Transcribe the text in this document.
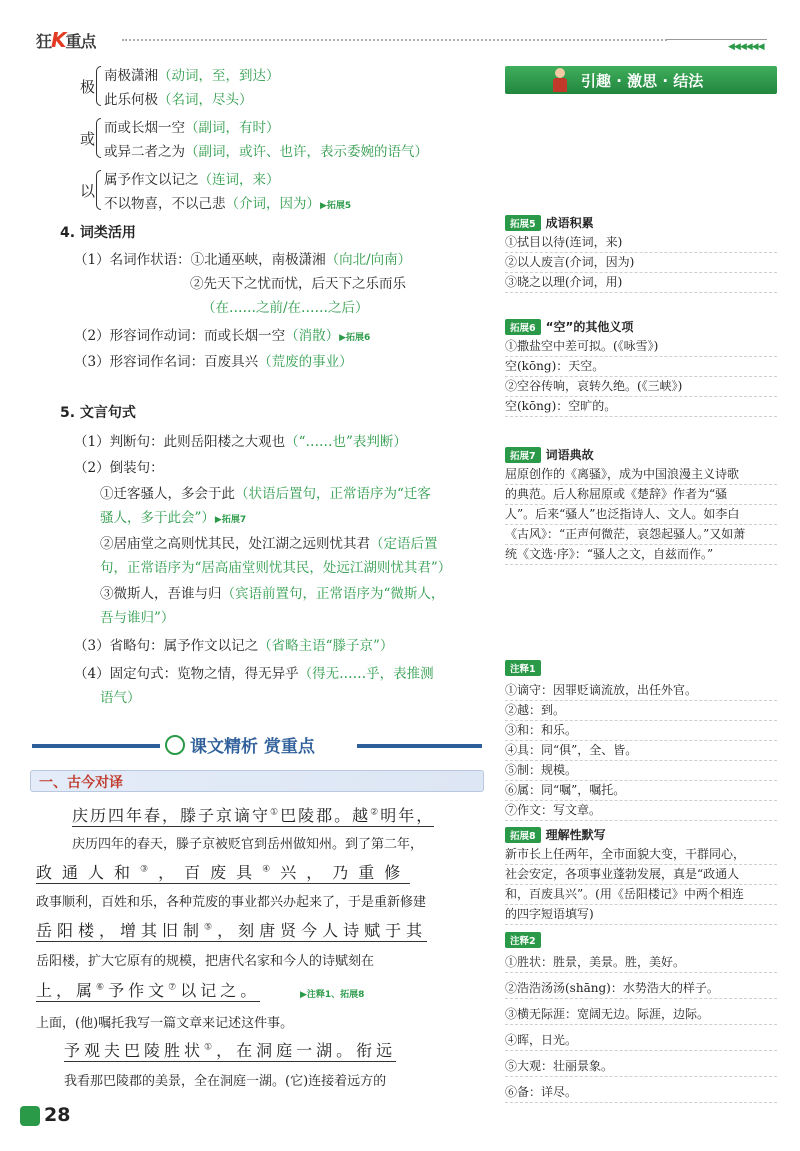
狂K重点	◀◀◀◀◀◀
极
南极潇湘（动词，至，到达）
此乐何极（名词，尽头）
或
而或长烟一空（副词，有时）
或异二者之为（副词，或许、也许，表示委婉的语气）
以
属予作文以记之（连词，来）
不以物喜，不以己悲（介词，因为）▶拓展5
4. 词类活用
（1）名词作状语：①北通巫峡，南极潇湘（向北/向南）
②先天下之忧而忧，后天下之乐而乐
（在……之前/在……之后）
（2）形容词作动词：而或长烟一空（消散）▶拓展6
（3）形容词作名词：百废具兴（荒废的事业）
5. 文言句式
（1）判断句：此则岳阳楼之大观也（“……也”表判断）
（2）倒装句：
①迁客骚人，多会于此（状语后置句，正常语序为“迁客
骚人，多于此会”）▶拓展7
②居庙堂之高则忧其民，处江湖之远则忧其君（定语后置
句，正常语序为“居高庙堂则忧其民，处远江湖则忧其君”）
③微斯人，吾谁与归（宾语前置句，正常语序为“微斯人，
吾与谁归”）
（3）省略句：属予作文以记之（省略主语“滕子京”）
（4）固定句式：览物之情，得无异乎（得无……乎，表推测
语气）
课文精析 赏重点
一、古今对译
庆历四年春，滕子京谪守①巴陵郡。越②明年，
庆历四年的春天，滕子京被贬官到岳州做知州。到了第二年，
政通人和③，百废具④兴，乃重修
政事顺利，百姓和乐，各种荒废的事业都兴办起来了，于是重新修建
岳阳楼，增其旧制⑤，刻唐贤今人诗赋于其
岳阳楼，扩大它原有的规模，把唐代名家和今人的诗赋刻在
上，属⑥予作文⑦以记之。	▶注释1、拓展8
上面，(他)嘱托我写一篇文章来记述这件事。
予观夫巴陵胜状①，在洞庭一湖。衔远
我看那巴陵郡的美景，全在洞庭一湖。(它)连接着远方的
28
引趣 · 激思 · 结法
拓展5 成语积累
①拭目以待(连词，来)
②以人废言(介词，因为)
③晓之以理(介词，用)
拓展6 “空”的其他义项
①撒盐空中差可拟。(《咏雪》)
空(kōng)：天空。
②空谷传响，哀转久绝。(《三峡》)
空(kōng)：空旷的。
拓展7 词语典故
屈原创作的《离骚》，成为中国浪漫主义诗歌
的典范。后人称屈原或《楚辞》作者为“骚
人”。后来“骚人”也泛指诗人、文人。如李白
《古风》：“正声何微茫，哀怨起骚人。”又如萧
统《文选·序》：“骚人之文，自兹而作。”
注释1
①谪守：因罪贬谪流放，出任外官。
②越：到。
③和：和乐。
④具：同“俱”，全、皆。
⑤制：规模。
⑥属：同“嘱”，嘱托。
⑦作文：写文章。
拓展8 理解性默写
新市长上任两年，全市面貌大变，干群同心，
社会安定，各项事业蓬勃发展，真是“政通人
和，百废具兴”。(用《岳阳楼记》中两个相连
的四字短语填写)
注释2
①胜状：胜景，美景。胜，美好。
②浩浩汤汤(shāng)：水势浩大的样子。
③横无际涯：宽阔无边。际涯，边际。
④晖，日光。
⑤大观：壮丽景象。
⑥备：详尽。
